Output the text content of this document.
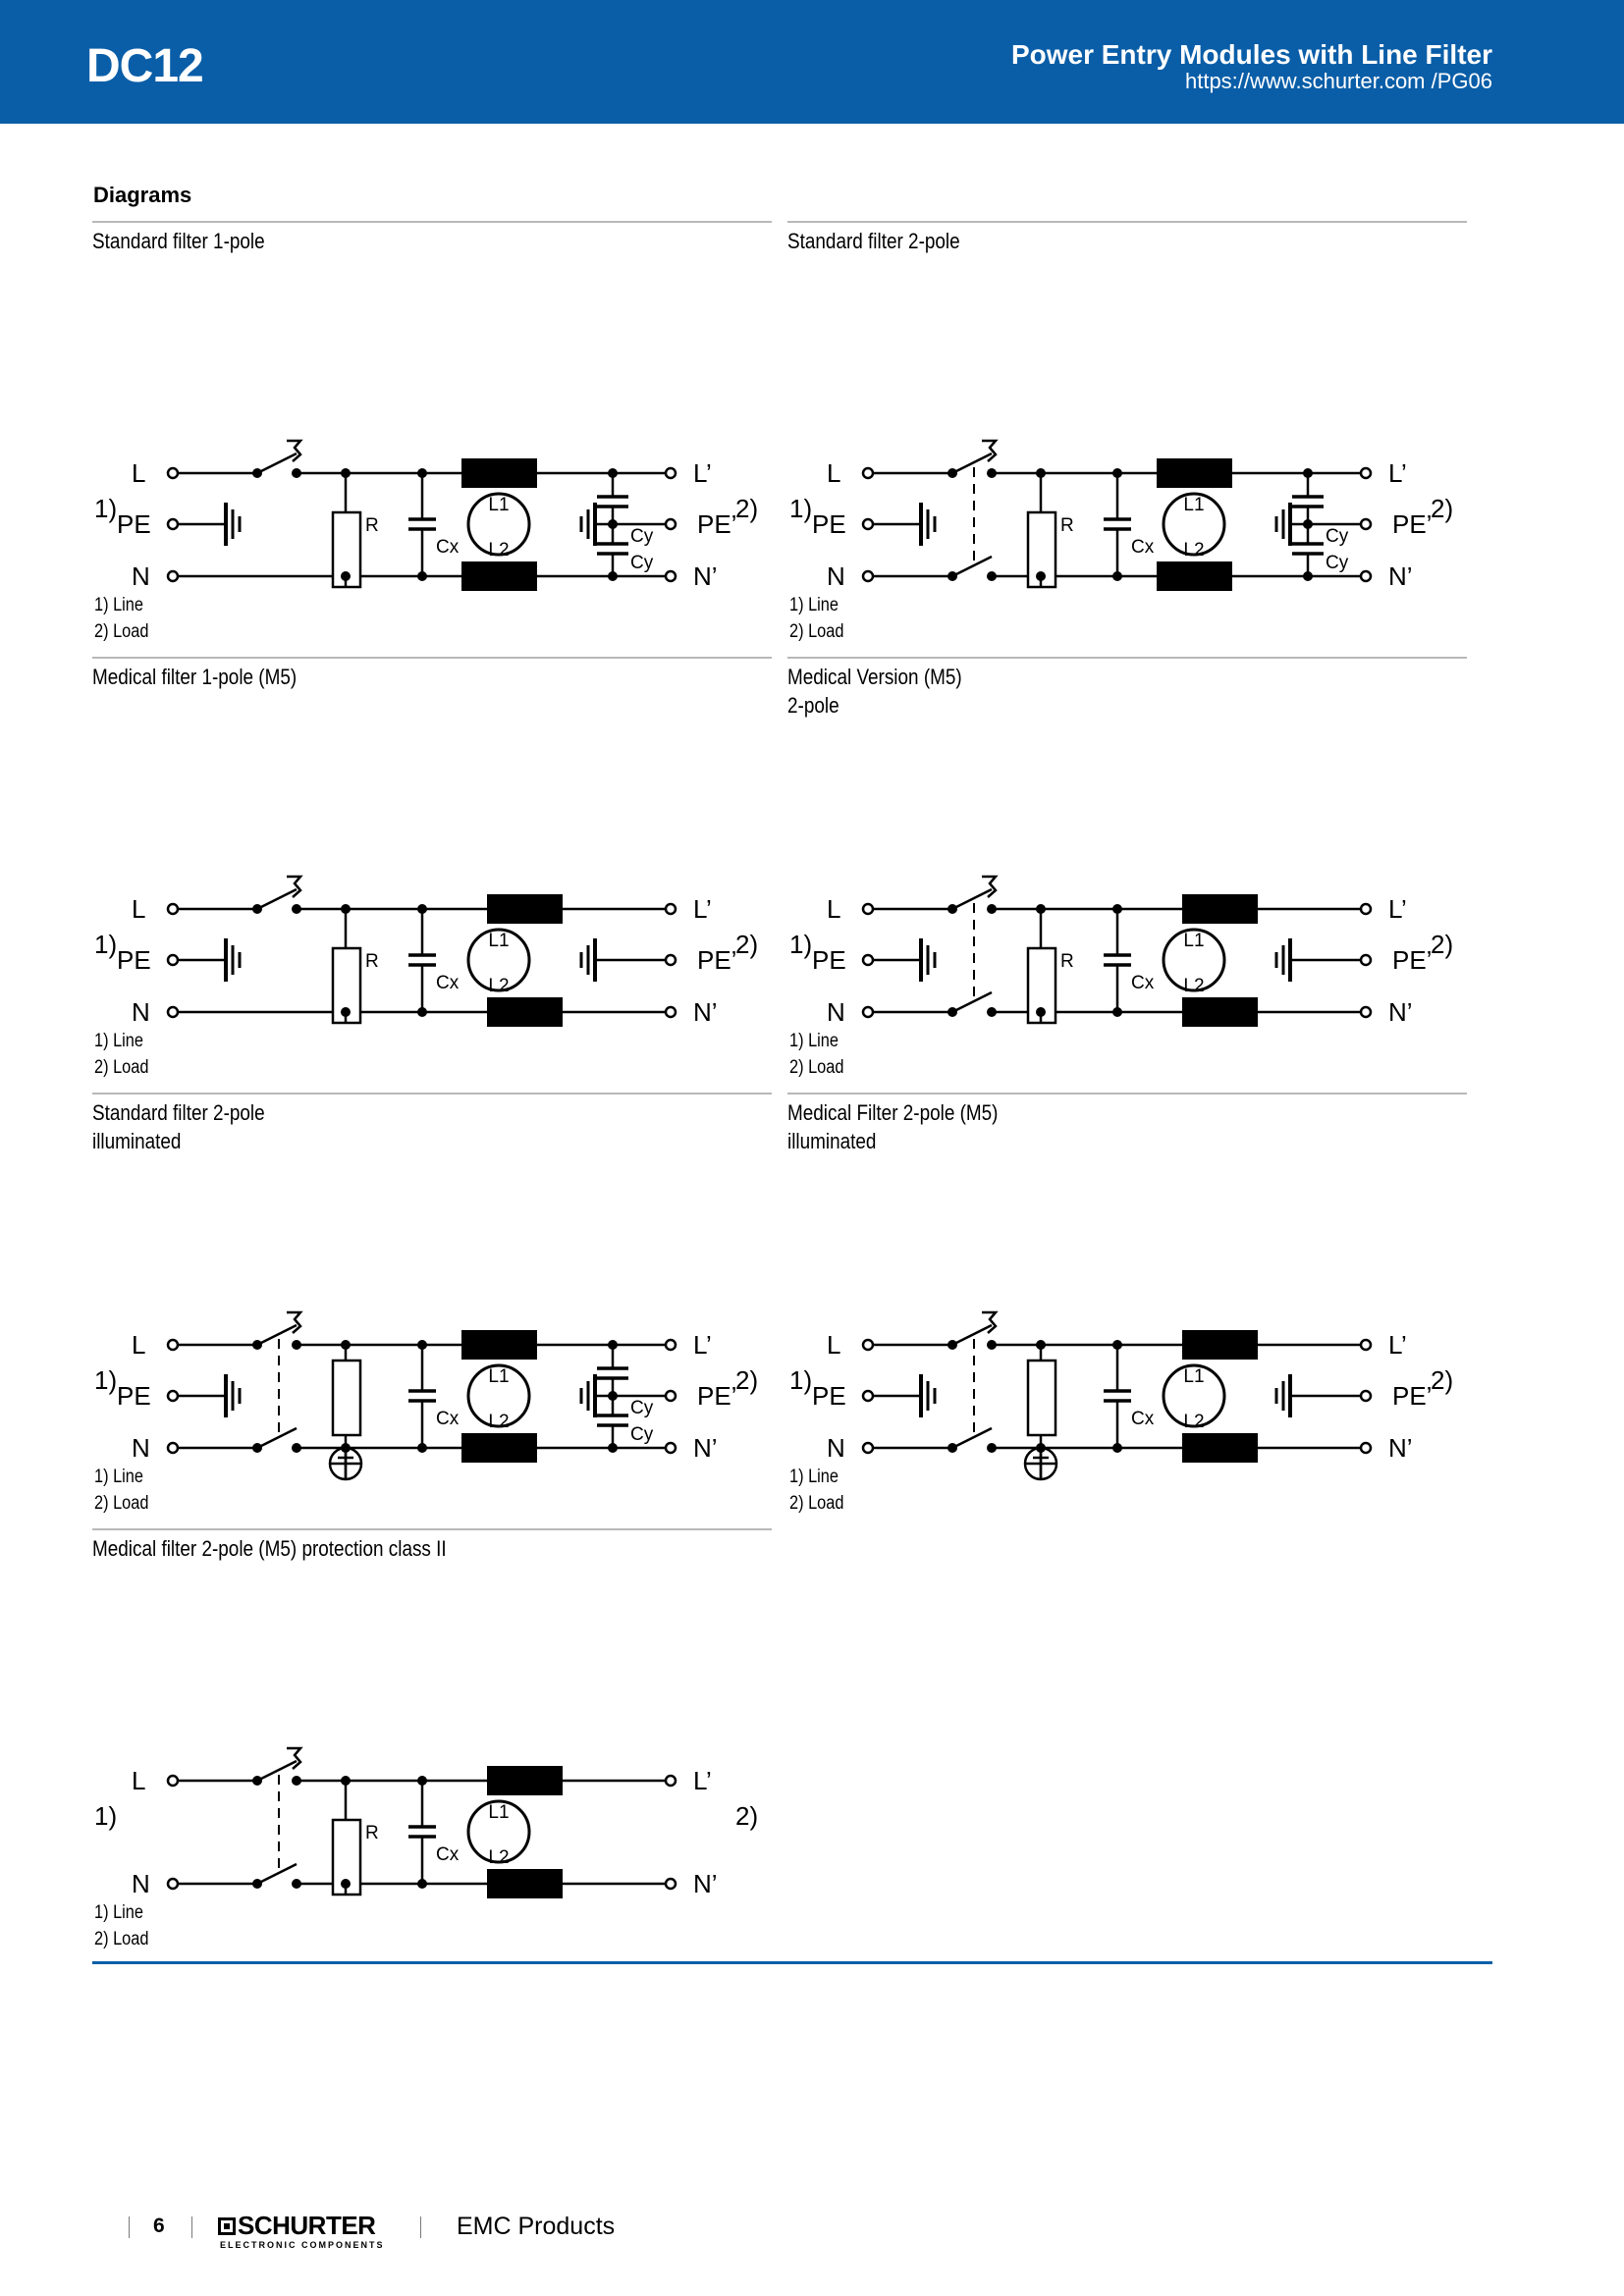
DC12	Power Entry Modules with Line Filter
https://www.schurter.com /PG06
Diagrams
Standard filter 1-pole
L
N
L’
N’
1)	2)
PE	PE’
R
Cx
L1
L2
Cy
Cy
1) Line
2) Load
Standard filter 2-pole
L
N
L’
N’
1)	2)
PE	PE’
R
Cx
L1
L2
Cy
Cy
1) Line
2) Load
Medical filter 1-pole (M5)
L
N
L’
N’
1)	2)
PE	PE’
R
Cx
L1
L2
1) Line
2) Load
Medical Version (M5)
2-pole
L
N
L’
N’
1)	2)
PE	PE’
R
Cx
L1
L2
1) Line
2) Load
Standard filter 2-pole
illuminated
L
N
L’
N’
1)	2)
PE	PE’
Cx
L1
L2
Cy
Cy
1) Line
2) Load
Medical Filter 2-pole (M5)
illuminated
L
N
L’
N’
1)	2)
PE	PE’
Cx
L1
L2
1) Line
2) Load
Medical filter 2-pole (M5) protection class II
L
N
L’
N’
1)	2)
R
Cx
L1
L2
1) Line
2) Load
6	SCHURTER
ELECTRONIC COMPONENTS
EMC Products
